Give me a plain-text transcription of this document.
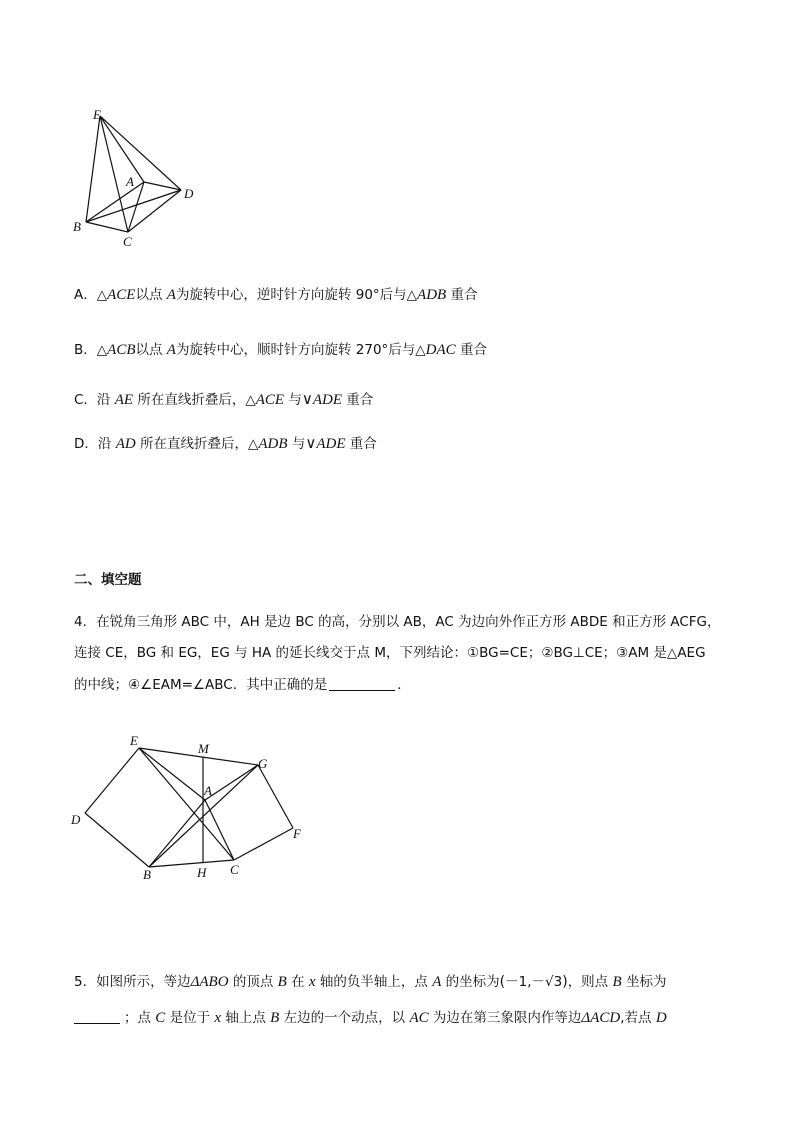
E
A
D
B
C
A．△ACE以点 A为旋转中心，逆时针方向旋转 90°后与△ADB 重合
B．△ACB以点 A为旋转中心，顺时针方向旋转 270°后与△DAC 重合
C．沿 AE 所在直线折叠后，△ACE 与∨ADE 重合
D．沿 AD 所在直线折叠后，△ADB 与∨ADE 重合
二、填空题
4．在锐角三角形 ABC 中，AH 是边 BC 的高，分别以 AB，AC 为边向外作正方形 ABDE 和正方形 ACFG，
连接 CE，BG 和 EG，EG 与 HA 的延长线交于点 M，下列结论：①BG=CE；②BG⊥CE；③AM 是△AEG
的中线；④∠EAM=∠ABC．其中正确的是	．
E
M
G
A
D
F
B	H C
5．如图所示，等边ΔABO 的顶点 B 在 x 轴的负半轴上，点 A 的坐标为(－1,－√3)，则点 B 坐标为
；点 C 是位于 x 轴上点 B 左边的一个动点，以 AC 为边在第三象限内作等边ΔACD,若点 D
